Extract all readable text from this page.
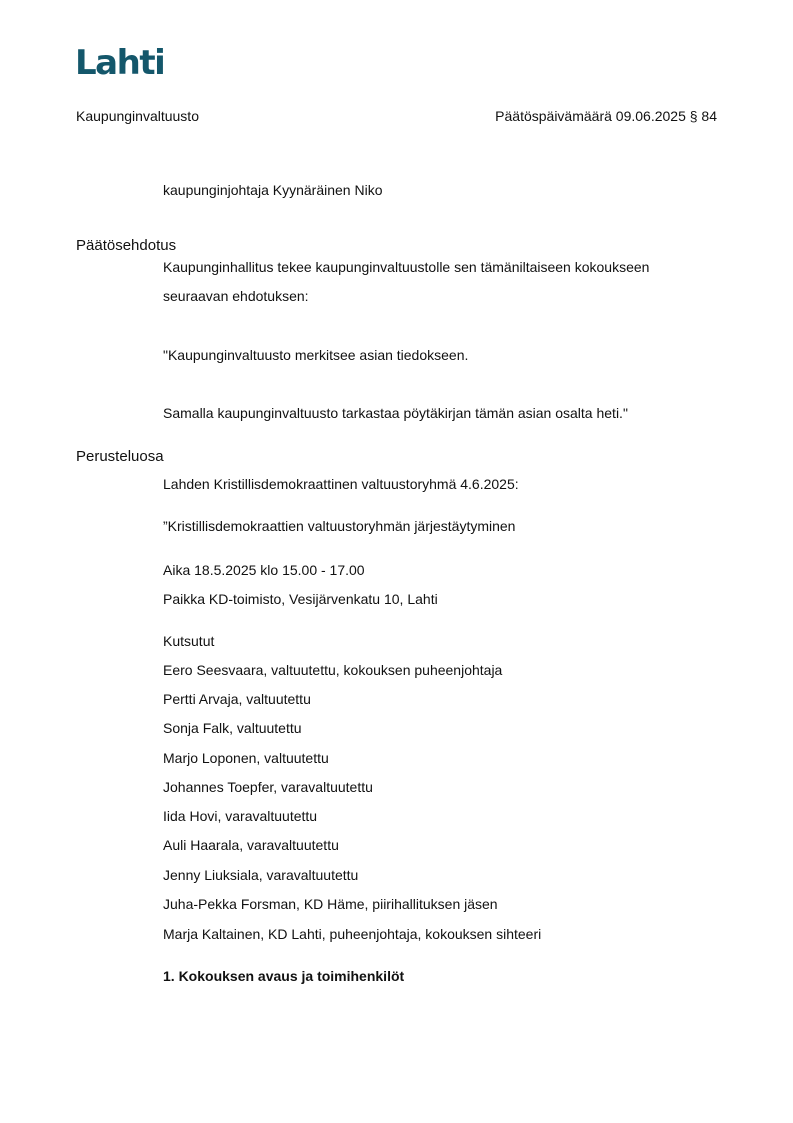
Lahti
Kaupunginvaltuusto	Päätöspäivämäärä 09.06.2025 § 84
kaupunginjohtaja Kyynäräinen Niko
Päätösehdotus
Kaupunginhallitus tekee kaupunginvaltuustolle sen tämäniltaiseen kokoukseen
seuraavan ehdotuksen:
"Kaupunginvaltuusto merkitsee asian tiedokseen.
Samalla kaupunginvaltuusto tarkastaa pöytäkirjan tämän asian osalta heti."
Perusteluosa
Lahden Kristillisdemokraattinen valtuustoryhmä 4.6.2025:
”Kristillisdemokraattien valtuustoryhmän järjestäytyminen
Aika 18.5.2025 klo 15.00 - 17.00
Paikka KD-toimisto, Vesijärvenkatu 10, Lahti
Kutsutut
Eero Seesvaara, valtuutettu, kokouksen puheenjohtaja
Pertti Arvaja, valtuutettu
Sonja Falk, valtuutettu
Marjo Loponen, valtuutettu
Johannes Toepfer, varavaltuutettu
Iida Hovi, varavaltuutettu
Auli Haarala, varavaltuutettu
Jenny Liuksiala, varavaltuutettu
Juha-Pekka Forsman, KD Häme, piirihallituksen jäsen
Marja Kaltainen, KD Lahti, puheenjohtaja, kokouksen sihteeri
1. Kokouksen avaus ja toimihenkilöt
